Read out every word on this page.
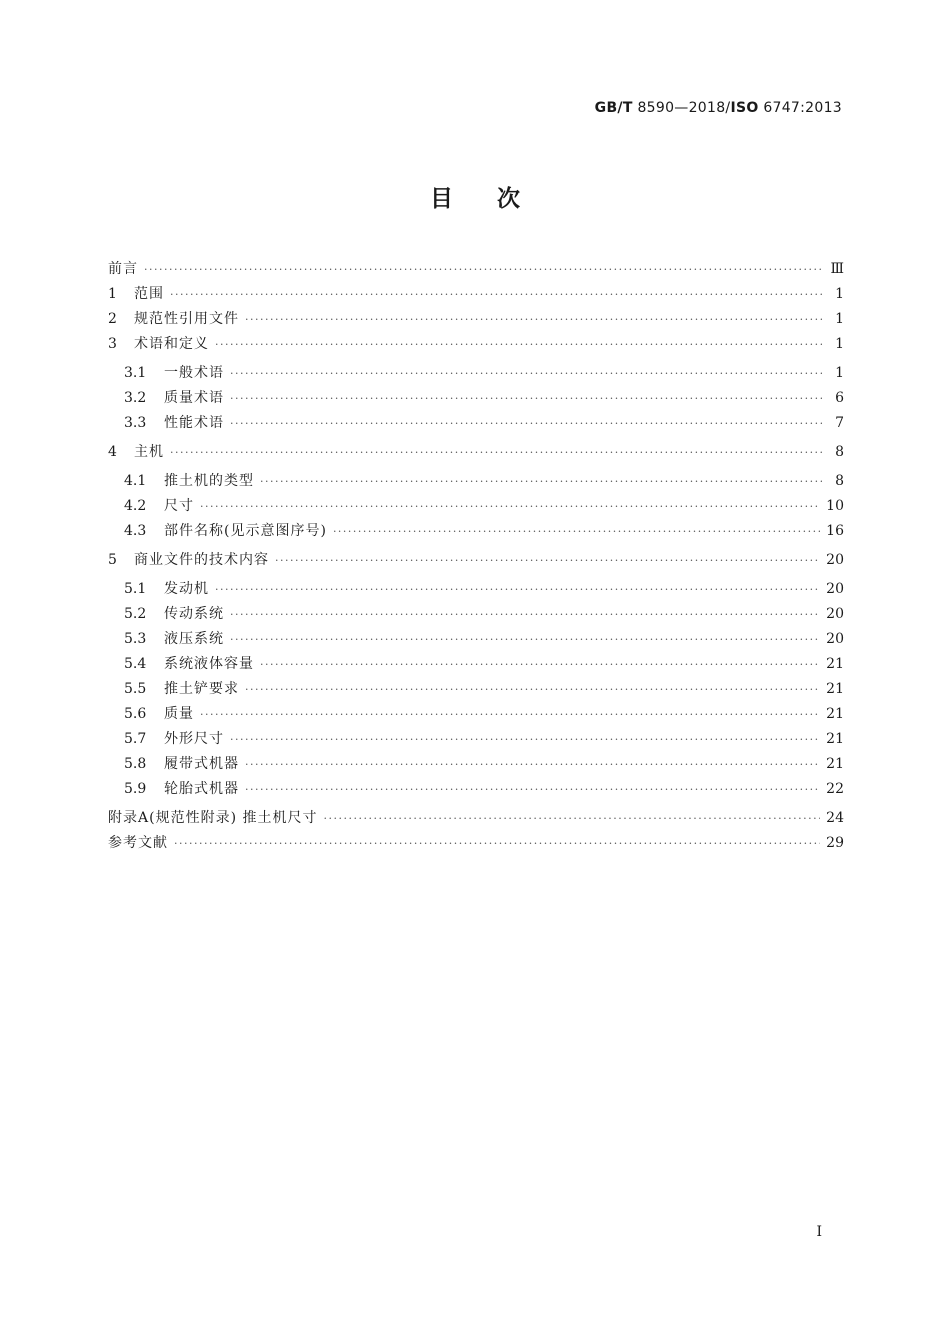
GB/T 8590—2018/ISO 6747:2013
目次
前言 ·····	Ⅲ
1	范围 ·····	1
2	规范性引用文件 ·····	1
3	术语和定义 ·····	1
3.1	一般术语 ·····	1
3.2	质量术语 ·····	6
3.3	性能术语 ·····	7
4	主机 ·····	8
4.1	推土机的类型 ·····	8
4.2	尺寸 ·····	10
4.3	部件名称(见示意图序号) ·····	16
5	商业文件的技术内容 ·····	20
5.1	发动机 ·····	20
5.2	传动系统 ·····	20
5.3	液压系统 ·····	20
5.4	系统液体容量 ·····	21
5.5	推土铲要求 ·····	21
5.6	质量 ·····	21
5.7	外形尺寸 ·····	21
5.8	履带式机器 ·····	21
5.9	轮胎式机器 ·····	22
附录A(规范性附录) 推土机尺寸 ·····	24
参考文献 ·····	29
I
